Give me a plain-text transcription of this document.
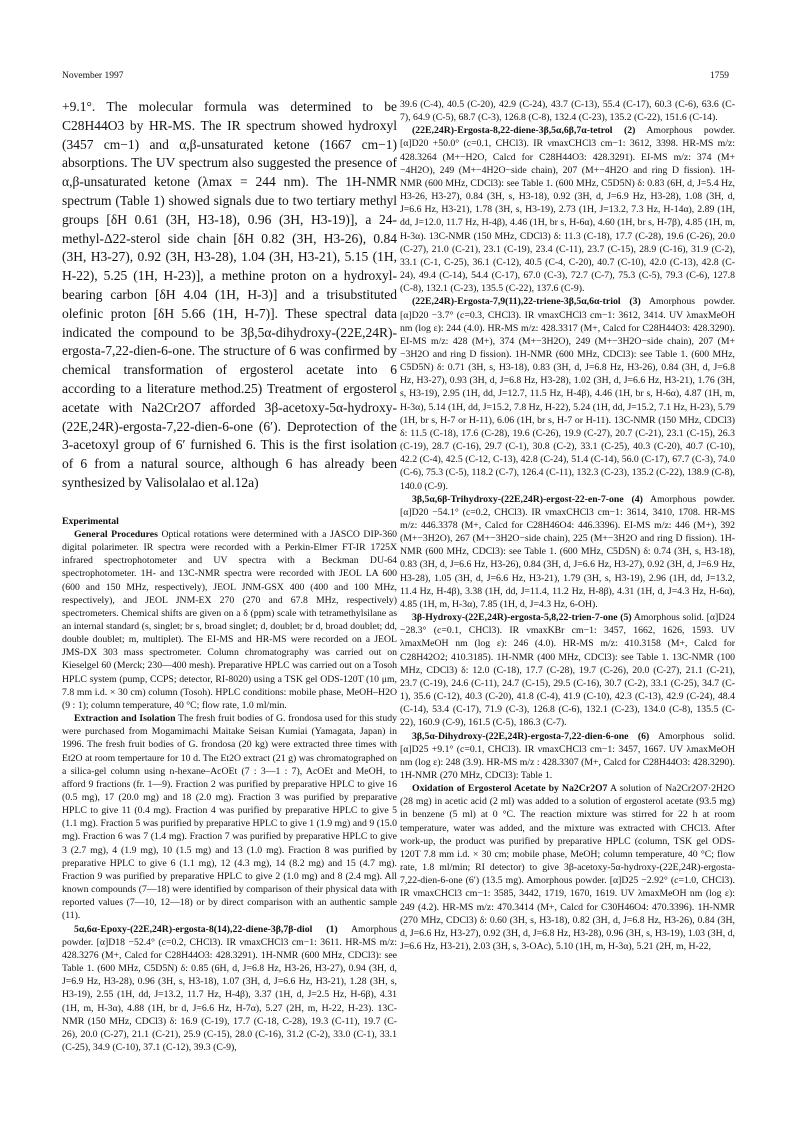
November 1997	1759

+9.1°. The molecular formula was determined to be C28H44O3 by HR-MS. The IR spectrum showed hydroxyl (3457 cm−1) and α,β-unsaturated ketone (1667 cm−1) absorptions. The UV spectrum also suggested the presence of α,β-unsaturated ketone (λmax = 244 nm). The 1H-NMR spectrum (Table 1) showed signals due to two tertiary methyl groups [δH 0.61 (3H, H3-18), 0.96 (3H, H3-19)], a 24-methyl-Δ22-sterol side chain [δH 0.82 (3H, H3-26), 0.84 (3H, H3-27), 0.92 (3H, H3-28), 1.04 (3H, H3-21), 5.15 (1H, H-22), 5.25 (1H, H-23)], a methine proton on a hydroxyl-bearing carbon [δH 4.04 (1H, H-3)] and a trisubstituted olefinic proton [δH 5.66 (1H, H-7)]. These spectral data indicated the compound to be 3β,5α-dihydroxy-(22E,24R)-ergosta-7,22-dien-6-one. The structure of 6 was confirmed by chemical transformation of ergosterol acetate into 6 according to a literature method.25) Treatment of ergosterol acetate with Na2Cr2O7 afforded 3β-acetoxy-5α-hydroxy-(22E,24R)-ergosta-7,22-dien-6-one (6′). Deprotection of the 3-acetoxyl group of 6′ furnished 6. This is the first isolation of 6 from a natural source, although 6 has already been synthesized by Valisolalao et al.12a)

Experimental

General Procedures Optical rotations were determined with a JASCO DIP-360 digital polarimeter. IR spectra were recorded with a Perkin-Elmer FT-IR 1725X infrared spectrophotometer and UV spectra with a Beckman DU-64 spectrophotometer. 1H- and 13C-NMR spectra were recorded with JEOL LA 600 (600 and 150 MHz, respectively), JEOL JNM-GSX 400 (400 and 100 MHz, respectively), and JEOL JNM-EX 270 (270 and 67.8 MHz, respectively) spectrometers. Chemical shifts are given on a δ (ppm) scale with tetramethylsilane as an internal standard (s, singlet; br s, broad singlet; d, doublet; br d, broad doublet; dd, double doublet; m, multiplet). The EI-MS and HR-MS were recorded on a JEOL JMS-DX 303 mass spectrometer. Column chromatography was carried out on Kieselgel 60 (Merck; 230—400 mesh). Preparative HPLC was carried out on a Tosoh HPLC system (pump, CCPS; detector, RI-8020) using a TSK gel ODS-120T (10 μm, 7.8 mm i.d. × 30 cm) column (Tosoh). HPLC conditions: mobile phase, MeOH–H2O (9 : 1); column temperature, 40 °C; flow rate, 1.0 ml/min.

Extraction and Isolation The fresh fruit bodies of G. frondosa used for this study were purchased from Mogamimachi Maitake Seisan Kumiai (Yamagata, Japan) in 1996. The fresh fruit bodies of G. frondosa (20 kg) were extracted three times with Et2O at room tempertaure for 10 d. The Et2O extract (21 g) was chromatographed on a silica-gel column using n-hexane–AcOEt (7 : 3—1 : 7), AcOEt and MeOH, to afford 9 fractions (fr. 1—9). Fraction 2 was purified by preparative HPLC to give 16 (0.5 mg), 17 (20.0 mg) and 18 (2.0 mg). Fraction 3 was purified by preparative HPLC to give 11 (0.4 mg). Fraction 4 was purified by preparative HPLC to give 5 (1.1 mg). Fraction 5 was purified by preparative HPLC to give 1 (1.9 mg) and 9 (15.0 mg). Fraction 6 was 7 (1.4 mg). Fraction 7 was purified by preparative HPLC to give 3 (2.7 mg), 4 (1.9 mg), 10 (1.5 mg) and 13 (1.0 mg). Fraction 8 was purified by preparative HPLC to give 6 (1.1 mg), 12 (4.3 mg), 14 (8.2 mg) and 15 (4.7 mg). Fraction 9 was purified by preparative HPLC to give 2 (1.0 mg) and 8 (2.4 mg). All known compounds (7—18) were identified by comparison of their physical data with reported values (7—10, 12—18) or by direct comparison with an authentic sample (11).

5α,6α-Epoxy-(22E,24R)-ergosta-8(14),22-diene-3β,7β-diol (1) Amorphous powder. [α]D18 −52.4° (c=0.2, CHCl3). IR νmaxCHCl3 cm−1: 3611. HR-MS m/z: 428.3276 (M+, Calcd for C28H44O3: 428.3291). 1H-NMR (600 MHz, CDCl3): see Table 1. (600 MHz, C5D5N) δ: 0.85 (6H, d, J=6.8 Hz, H3-26, H3-27), 0.94 (3H, d, J=6.9 Hz, H3-28), 0.96 (3H, s, H3-18), 1.07 (3H, d, J=6.6 Hz, H3-21), 1.28 (3H, s, H3-19), 2.55 (1H, dd, J=13.2, 11.7 Hz, H-4β), 3.37 (1H, d, J=2.5 Hz, H-6β), 4.31 (1H, m, H-3α), 4.88 (1H, br d, J=6.6 Hz, H-7α), 5.27 (2H, m, H-22, H-23). 13C-NMR (150 MHz, CDCl3) δ: 16.9 (C-19), 17.7 (C-18, C-28), 19.3 (C-11), 19.7 (C-26), 20.0 (C-27), 21.1 (C-21), 25.9 (C-15), 28.0 (C-16), 31.2 (C-2), 33.0 (C-1), 33.1 (C-25), 34.9 (C-10), 37.1 (C-12), 39.3 (C-9),

39.6 (C-4), 40.5 (C-20), 42.9 (C-24), 43.7 (C-13), 55.4 (C-17), 60.3 (C-6), 63.6 (C-7), 64.9 (C-5), 68.7 (C-3), 126.8 (C-8), 132.4 (C-23), 135.2 (C-22), 151.6 (C-14).

(22E,24R)-Ergosta-8,22-diene-3β,5α,6β,7α-tetrol (2) Amorphous powder. [α]D20 +50.0° (c=0.1, CHCl3). IR νmaxCHCl3 cm−1: 3612, 3398. HR-MS m/z: 428.3264 (M+−H2O, Calcd for C28H44O3: 428.3291). EI-MS m/z: 374 (M+−4H2O), 249 (M+−4H2O−side chain), 207 (M+−4H2O and ring D fission). 1H-NMR (600 MHz, CDCl3): see Table 1. (600 MHz, C5D5N) δ: 0.83 (6H, d, J=5.4 Hz, H3-26, H3-27), 0.84 (3H, s, H3-18), 0.92 (3H, d, J=6.9 Hz, H3-28), 1.08 (3H, d, J=6.6 Hz, H3-21), 1.78 (3H, s, H3-19), 2.73 (1H, J=13.2, 7.3 Hz, H-14α), 2.89 (1H, dd, J=12.0, 11.7 Hz, H-4β), 4.46 (1H, br s, H-6α), 4.60 (1H, br s, H-7β), 4.85 (1H, m, H-3α). 13C-NMR (150 MHz, CDCl3) δ: 11.3 (C-18), 17.7 (C-28), 19.6 (C-26), 20.0 (C-27), 21.0 (C-21), 23.1 (C-19), 23.4 (C-11), 23.7 (C-15), 28.9 (C-16), 31.9 (C-2), 33.1 (C-1, C-25), 36.1 (C-12), 40.5 (C-4, C-20), 40.7 (C-10), 42.0 (C-13), 42.8 (C-24), 49.4 (C-14), 54.4 (C-17), 67.0 (C-3), 72.7 (C-7), 75.3 (C-5), 79.3 (C-6), 127.8 (C-8), 132.1 (C-23), 135.5 (C-22), 137.6 (C-9).

(22E,24R)-Ergosta-7,9(11),22-triene-3β,5α,6α-triol (3) Amorphous powder. [α]D20 −3.7° (c=0.3, CHCl3). IR νmaxCHCl3 cm−1: 3612, 3414. UV λmaxMeOH nm (log ε): 244 (4.0). HR-MS m/z: 428.3317 (M+, Calcd for C28H44O3: 428.3290). EI-MS m/z: 428 (M+), 374 (M+−3H2O), 249 (M+−3H2O−side chain), 207 (M+−3H2O and ring D fission). 1H-NMR (600 MHz, CDCl3): see Table 1. (600 MHz, C5D5N) δ: 0.71 (3H, s, H3-18), 0.83 (3H, d, J=6.8 Hz, H3-26), 0.84 (3H, d, J=6.8 Hz, H3-27), 0.93 (3H, d, J=6.8 Hz, H3-28), 1.02 (3H, d, J=6.6 Hz, H3-21), 1.76 (3H, s, H3-19), 2.95 (1H, dd, J=12.7, 11.5 Hz, H-4β), 4.46 (1H, br s, H-6α), 4.87 (1H, m, H-3α), 5.14 (1H, dd, J=15.2, 7.8 Hz, H-22), 5.24 (1H, dd, J=15.2, 7.1 Hz, H-23), 5.79 (1H, br s, H-7 or H-11), 6.06 (1H, br s, H-7 or H-11). 13C-NMR (150 MHz, CDCl3) δ: 11.5 (C-18), 17.6 (C-28), 19.6 (C-26), 19.9 (C-27), 20.7 (C-21), 23.1 (C-15), 26.3 (C-19), 28.7 (C-16), 29.7 (C-1), 30.8 (C-2), 33.1 (C-25), 40.3 (C-20), 40.7 (C-10), 42.2 (C-4), 42.5 (C-12, C-13), 42.8 (C-24), 51.4 (C-14), 56.0 (C-17), 67.7 (C-3), 74.0 (C-6), 75.3 (C-5), 118.2 (C-7), 126.4 (C-11), 132.3 (C-23), 135.2 (C-22), 138.9 (C-8), 140.0 (C-9).

3β,5α,6β-Trihydroxy-(22E,24R)-ergost-22-en-7-one (4) Amorphous powder. [α]D20 −54.1° (c=0.2, CHCl3). IR νmaxCHCl3 cm−1: 3614, 3410, 1708. HR-MS m/z: 446.3378 (M+, Calcd for C28H46O4: 446.3396). EI-MS m/z: 446 (M+), 392 (M+−3H2O), 267 (M+−3H2O−side chain), 225 (M+−3H2O and ring D fission). 1H-NMR (600 MHz, CDCl3): see Table 1. (600 MHz, C5D5N) δ: 0.74 (3H, s, H3-18), 0.83 (3H, d, J=6.6 Hz, H3-26), 0.84 (3H, d, J=6.6 Hz, H3-27), 0.92 (3H, d, J=6.9 Hz, H3-28), 1.05 (3H, d, J=6.6 Hz, H3-21), 1.79 (3H, s, H3-19), 2.96 (1H, dd, J=13.2, 11.4 Hz, H-4β), 3.38 (1H, dd, J=11.4, 11.2 Hz, H-8β), 4.31 (1H, d, J=4.3 Hz, H-6α), 4.85 (1H, m, H-3α), 7.85 (1H, d, J=4.3 Hz, 6-OH).

3β-Hydroxy-(22E,24R)-ergosta-5,8,22-trien-7-one (5) Amorphous solid. [α]D24 −28.3° (c=0.1, CHCl3). IR νmaxKBr cm−1: 3457, 1662, 1626, 1593. UV λmaxMeOH nm (log ε): 246 (4.0). HR-MS m/z: 410.3158 (M+, Calcd for C28H42O2; 410.3185). 1H-NMR (400 MHz, CDCl3): see Table 1. 13C-NMR (100 MHz, CDCl3) δ: 12.0 (C-18), 17.7 (C-28), 19.7 (C-26), 20.0 (C-27), 21.1 (C-21), 23.7 (C-19), 24.6 (C-11), 24.7 (C-15), 29.5 (C-16), 30.7 (C-2), 33.1 (C-25), 34.7 (C-1), 35.6 (C-12), 40.3 (C-20), 41.8 (C-4), 41.9 (C-10), 42.3 (C-13), 42.9 (C-24), 48.4 (C-14), 53.4 (C-17), 71.9 (C-3), 126.8 (C-6), 132.1 (C-23), 134.0 (C-8), 135.5 (C-22), 160.9 (C-9), 161.5 (C-5), 186.3 (C-7).

3β,5α-Dihydroxy-(22E,24R)-ergosta-7,22-dien-6-one (6) Amorphous solid. [α]D25 +9.1° (c=0.1, CHCl3). IR νmaxCHCl3 cm−1: 3457, 1667. UV λmaxMeOH nm (log ε): 248 (3.9). HR-MS m/z : 428.3307 (M+, Calcd for C28H44O3: 428.3290). 1H-NMR (270 MHz, CDCl3): Table 1.

Oxidation of Ergosterol Acetate by Na2Cr2O7 A solution of Na2Cr2O7·2H2O (28 mg) in acetic acid (2 ml) was added to a solution of ergosterol acetate (93.5 mg) in benzene (5 ml) at 0 °C. The reaction mixture was stirred for 22 h at room temperature, water was added, and the mixture was extracted with CHCl3. After work-up, the product was purified by preparative HPLC (column, TSK gel ODS-120T 7.8 mm i.d. × 30 cm; mobile phase, MeOH; column temperature, 40 °C; flow rate, 1.8 ml/min; RI detector) to give 3β-acetoxy-5α-hydroxy-(22E,24R)-ergosta-7,22-dien-6-one (6′) (13.5 mg). Amorphous powder. [α]D25 −2.92° (c=1.0, CHCl3). IR νmaxCHCl3 cm−1: 3585, 3442, 1719, 1670, 1619. UV λmaxMeOH nm (log ε): 249 (4.2). HR-MS m/z: 470.3414 (M+, Calcd for C30H46O4: 470.3396). 1H-NMR (270 MHz, CDCl3) δ: 0.60 (3H, s, H3-18), 0.82 (3H, d, J=6.8 Hz, H3-26), 0.84 (3H, d, J=6.6 Hz, H3-27), 0.92 (3H, d, J=6.8 Hz, H3-28), 0.96 (3H, s, H3-19), 1.03 (3H, d, J=6.6 Hz, H3-21), 2.03 (3H, s, 3-OAc), 5.10 (1H, m, H-3α), 5.21 (2H, m, H-22,
